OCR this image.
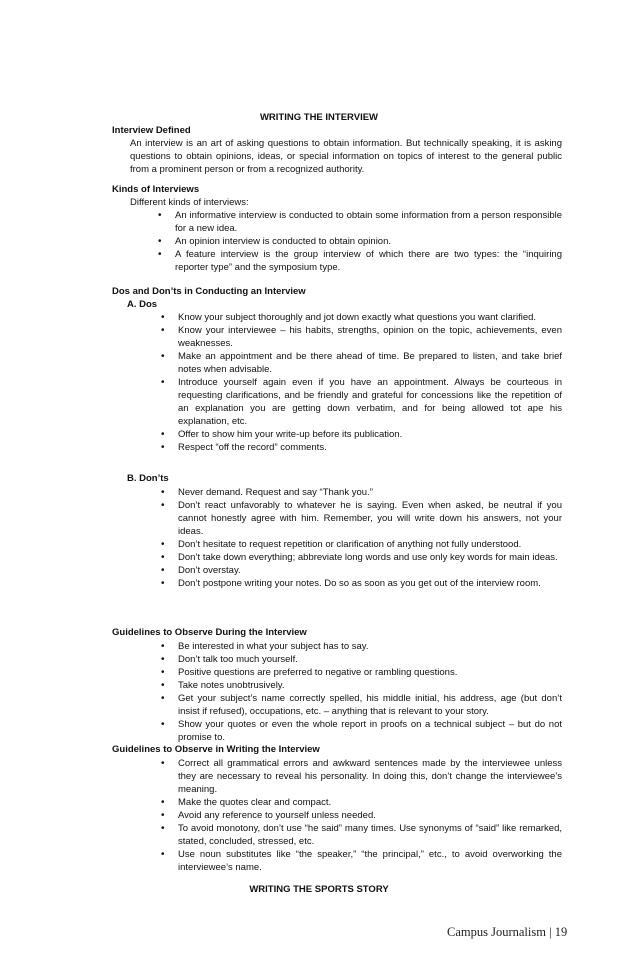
WRITING THE INTERVIEW
Interview Defined
An interview is an art of asking questions to obtain information. But technically speaking, it is asking questions to obtain opinions, ideas, or special information on topics of interest to the general public from a prominent person or from a recognized authority.
Kinds of Interviews
Different kinds of interviews:
• An informative interview is conducted to obtain some information from a person responsible for a new idea.
• An opinion interview is conducted to obtain opinion.
• A feature interview is the group interview of which there are two types: the “inquiring reporter type” and the symposium type.
Dos and Don’ts in Conducting an Interview
A. Dos
• Know your subject thoroughly and jot down exactly what questions you want clarified.
• Know your interviewee – his habits, strengths, opinion on the topic, achievements, even weaknesses.
• Make an appointment and be there ahead of time. Be prepared to listen, and take brief notes when advisable.
• Introduce yourself again even if you have an appointment. Always be courteous in requesting clarifications, and be friendly and grateful for concessions like the repetition of an explanation you are getting down verbatim, and for being allowed tot ape his explanation, etc.
• Offer to show him your write-up before its publication.
• Respect “off the record” comments.
B. Don’ts
• Never demand. Request and say “Thank you.”
• Don’t react unfavorably to whatever he is saying. Even when asked, be neutral if you cannot honestly agree with him. Remember, you will write down his answers, not your ideas.
• Don’t hesitate to request repetition or clarification of anything not fully understood.
• Don’t take down everything; abbreviate long words and use only key words for main ideas.
• Don’t overstay.
• Don’t postpone writing your notes. Do so as soon as you get out of the interview room.
Guidelines to Observe During the Interview
• Be interested in what your subject has to say.
• Don’t talk too much yourself.
• Positive questions are preferred to negative or rambling questions.
• Take notes unobtrusively.
• Get your subject’s name correctly spelled, his middle initial, his address, age (but don’t insist if refused), occupations, etc. – anything that is relevant to your story.
• Show your quotes or even the whole report in proofs on a technical subject – but do not promise to.
Guidelines to Observe in Writing the Interview
• Correct all grammatical errors and awkward sentences made by the interviewee unless they are necessary to reveal his personality. In doing this, don’t change the interviewee’s meaning.
• Make the quotes clear and compact.
• Avoid any reference to yourself unless needed.
• To avoid monotony, don’t use “he said” many times. Use synonyms of “said” like remarked, stated, concluded, stressed, etc.
• Use noun substitutes like “the speaker,” “the principal,” etc., to avoid overworking the interviewee’s name.
WRITING THE SPORTS STORY
Campus Journalism | 19
